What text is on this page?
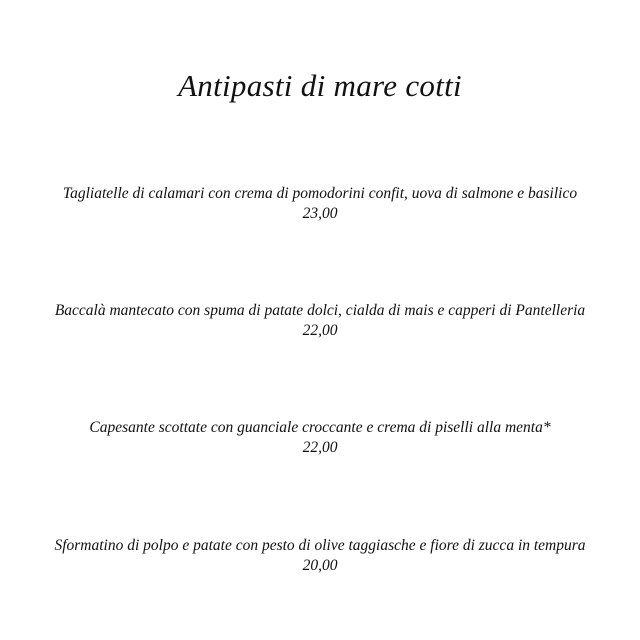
Antipasti di mare cotti
Tagliatelle di calamari con crema di pomodorini confit, uova di salmone e basilico
23,00
Baccalà mantecato con spuma di patate dolci, cialda di mais e capperi di Pantelleria
22,00
Capesante scottate con guanciale croccante e crema di piselli alla menta*
22,00
Sformatino di polpo e patate con pesto di olive taggiasche e fiore di zucca in tempura
20,00
